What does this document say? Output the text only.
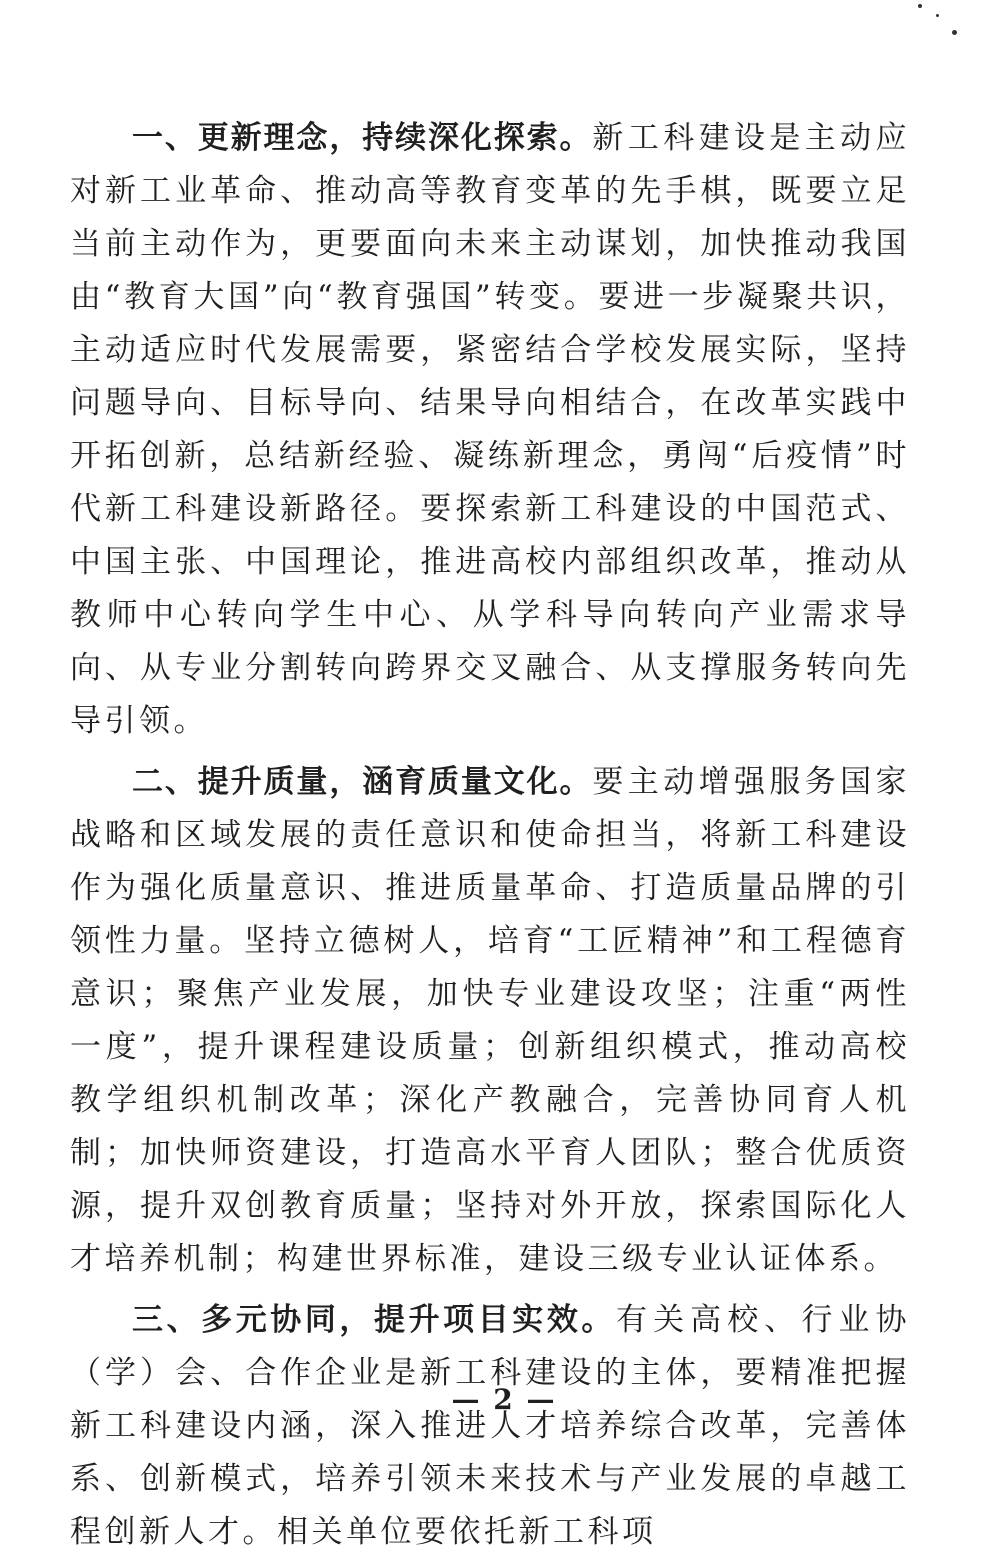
一、更新理念，持续深化探索。新工科建设是主动应对新工业革命、推动高等教育变革的先手棋，既要立足当前主动作为，更要面向未来主动谋划，加快推动我国由“教育大国”向“教育强国”转变。要进一步凝聚共识，主动适应时代发展需要，紧密结合学校发展实际，坚持问题导向、目标导向、结果导向相结合，在改革实践中开拓创新，总结新经验、凝练新理念，勇闯“后疫情”时代新工科建设新路径。要探索新工科建设的中国范式、中国主张、中国理论，推进高校内部组织改革，推动从教师中心转向学生中心、从学科导向转向产业需求导向、从专业分割转向跨界交叉融合、从支撑服务转向先导引领。

二、提升质量，涵育质量文化。要主动增强服务国家战略和区域发展的责任意识和使命担当，将新工科建设作为强化质量意识、推进质量革命、打造质量品牌的引领性力量。坚持立德树人，培育“工匠精神”和工程德育意识；聚焦产业发展，加快专业建设攻坚；注重“两性一度”，提升课程建设质量；创新组织模式，推动高校教学组织机制改革；深化产教融合，完善协同育人机制；加快师资建设，打造高水平育人团队；整合优质资源，提升双创教育质量；坚持对外开放，探索国际化人才培养机制；构建世界标准，建设三级专业认证体系。

三、多元协同，提升项目实效。有关高校、行业协（学）会、合作企业是新工科建设的主体，要精准把握新工科建设内涵，深入推进人才培养综合改革，完善体系、创新模式，培养引领未来技术与产业发展的卓越工程创新人才。相关单位要依托新工科项

— 2 —
